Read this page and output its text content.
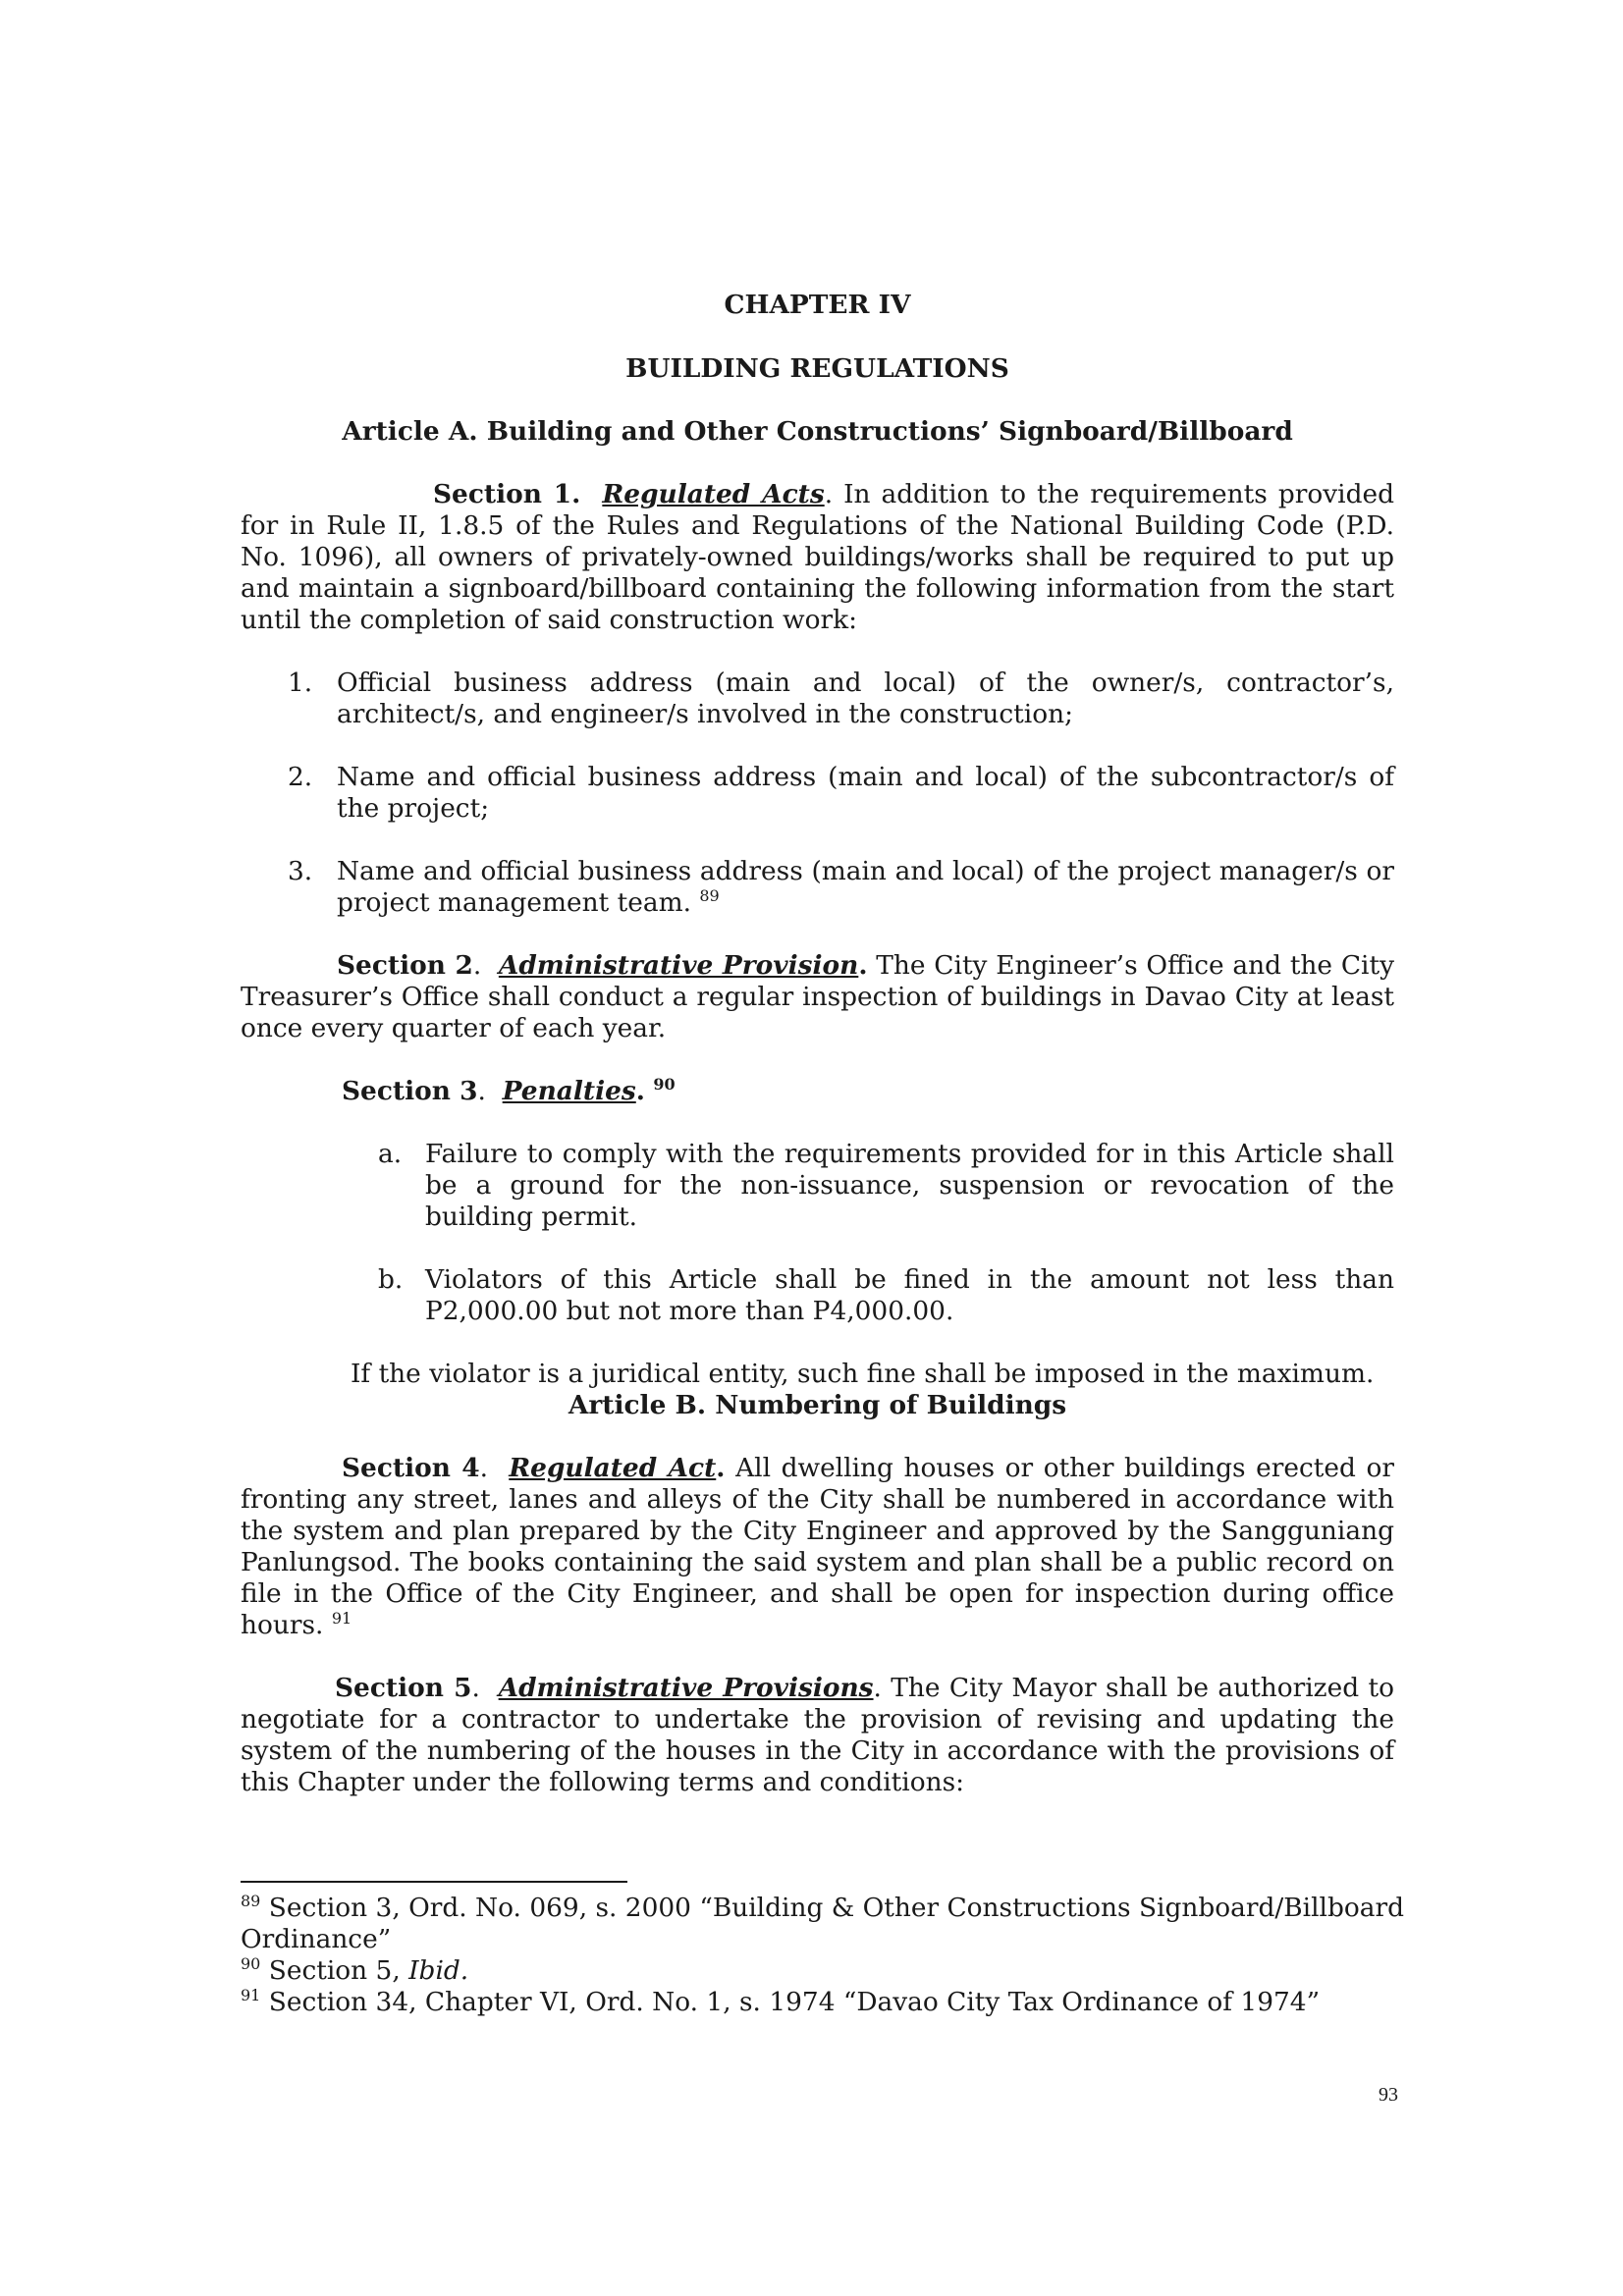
CHAPTER IV
BUILDING REGULATIONS
Article A. Building and Other Constructions’ Signboard/Billboard
Section 1. Regulated Acts. In addition to the requirements provided for in Rule II, 1.8.5 of the Rules and Regulations of the National Building Code (P.D. No. 1096), all owners of privately-owned buildings/works shall be required to put up and maintain a signboard/billboard containing the following information from the start until the completion of said construction work:
1. Official business address (main and local) of the owner/s, contractor’s, architect/s, and engineer/s involved in the construction;
2. Name and official business address (main and local) of the subcontractor/s of the project;
3. Name and official business address (main and local) of the project manager/s or project management team. $^{89}$
Section 2.  Administrative Provision. The City Engineer’s Office and the City Treasurer’s Office shall conduct a regular inspection of buildings in Davao City at least once every quarter of each year.
Section 3.  Penalties. $^{90}$
a. Failure to comply with the requirements provided for in this Article shall be a ground for the non-issuance, suspension or revocation of the building permit.
b. Violators of this Article shall be fined in the amount not less than P2,000.00 but not more than P4,000.00.
If the violator is a juridical entity, such fine shall be imposed in the maximum.
Article B. Numbering of Buildings
Section 4.  Regulated Act. All dwelling houses or other buildings erected or fronting any street, lanes and alleys of the City shall be numbered in accordance with the system and plan prepared by the City Engineer and approved by the Sangguniang Panlungsod. The books containing the said system and plan shall be a public record on file in the Office of the City Engineer, and shall be open for inspection during office hours. $^{91}$
Section 5.  Administrative Provisions. The City Mayor shall be authorized to negotiate for a contractor to undertake the provision of revising and updating the system of the numbering of the houses in the City in accordance with the provisions of this Chapter under the following terms and conditions:
$^{89}$ Section 3, Ord. No. 069, s. 2000 “Building & Other Constructions Signboard/Billboard Ordinance”
$^{90}$ Section 5, Ibid.
$^{91}$ Section 34, Chapter VI, Ord. No. 1, s. 1974 “Davao City Tax Ordinance of 1974”
93
